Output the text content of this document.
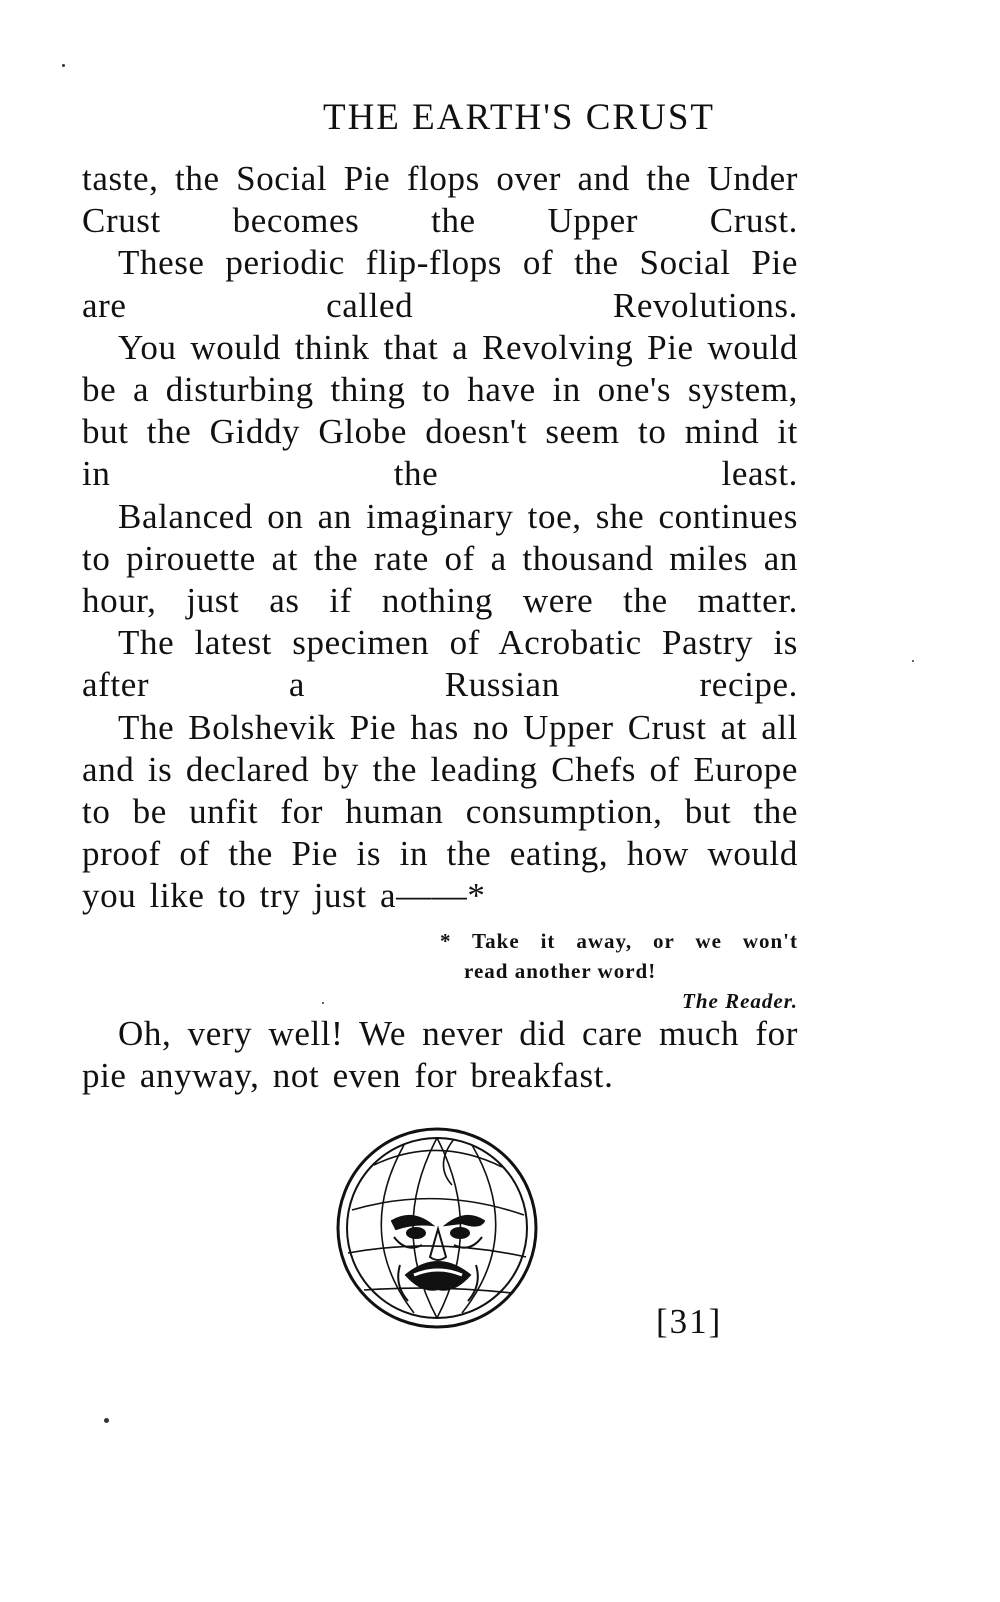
THE EARTH'S CRUST

taste, the Social Pie flops over and the Under Crust becomes the Upper Crust.

These periodic flip-flops of the Social Pie are called Revolutions.

You would think that a Revolving Pie would be a disturbing thing to have in one's system, but the Giddy Globe doesn't seem to mind it in the least.

Balanced on an imaginary toe, she continues to pirouette at the rate of a thousand miles an hour, just as if nothing were the matter.

The latest specimen of Acrobatic Pastry is after a Russian recipe.

The Bolshevik Pie has no Upper Crust at all and is declared by the leading Chefs of Europe to be unfit for human consumption, but the proof of the Pie is in the eating, how would you like to try just a——*

* Take it away, or we won't
read another word!
The Reader.

Oh, very well! We never did care much for pie anyway, not even for breakfast.

[31]
